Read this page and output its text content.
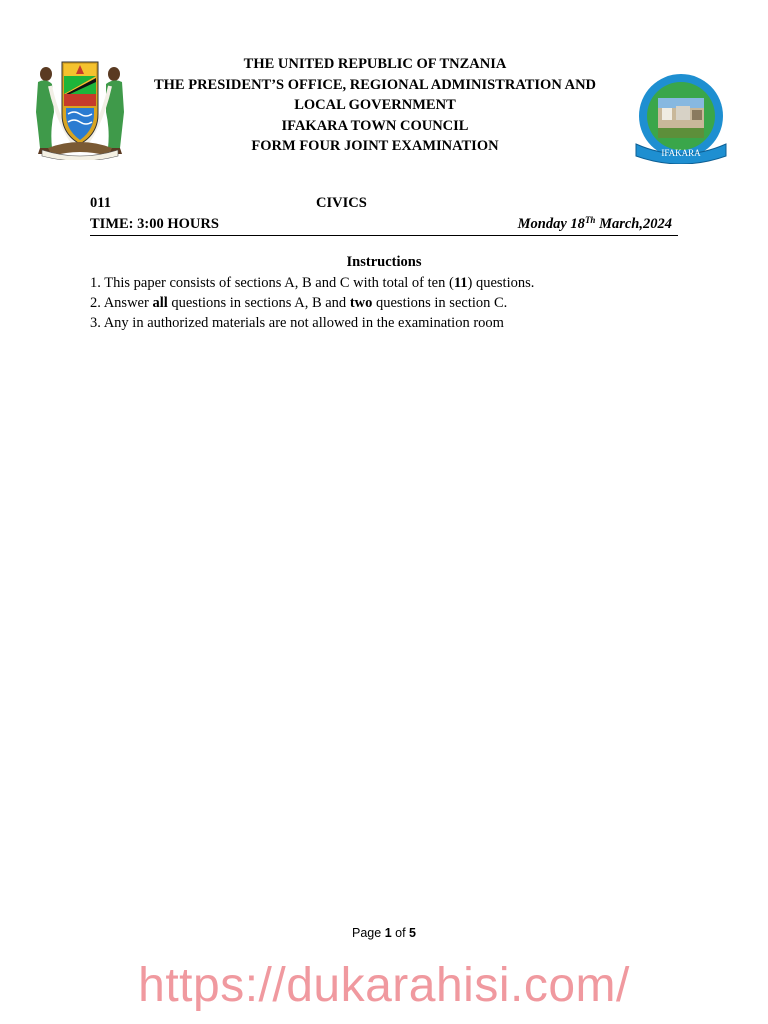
IFAKARA
THE UNITED REPUBLIC OF TNZANIA
THE PRESIDENT’S OFFICE, REGIONAL ADMINISTRATION AND
LOCAL GOVERNMENT
IFAKARA TOWN COUNCIL
FORM FOUR JOINT EXAMINATION
011	CIVICS
TIME: 3:00 HOURS	Monday 18Th March,2024
Instructions
1. This paper consists of sections A, B and C with total of ten (11) questions.
2. Answer all questions in sections A, B and two questions in section C.
3. Any in authorized materials are not allowed in the examination room
Page 1 of 5
https://dukarahisi.com/
